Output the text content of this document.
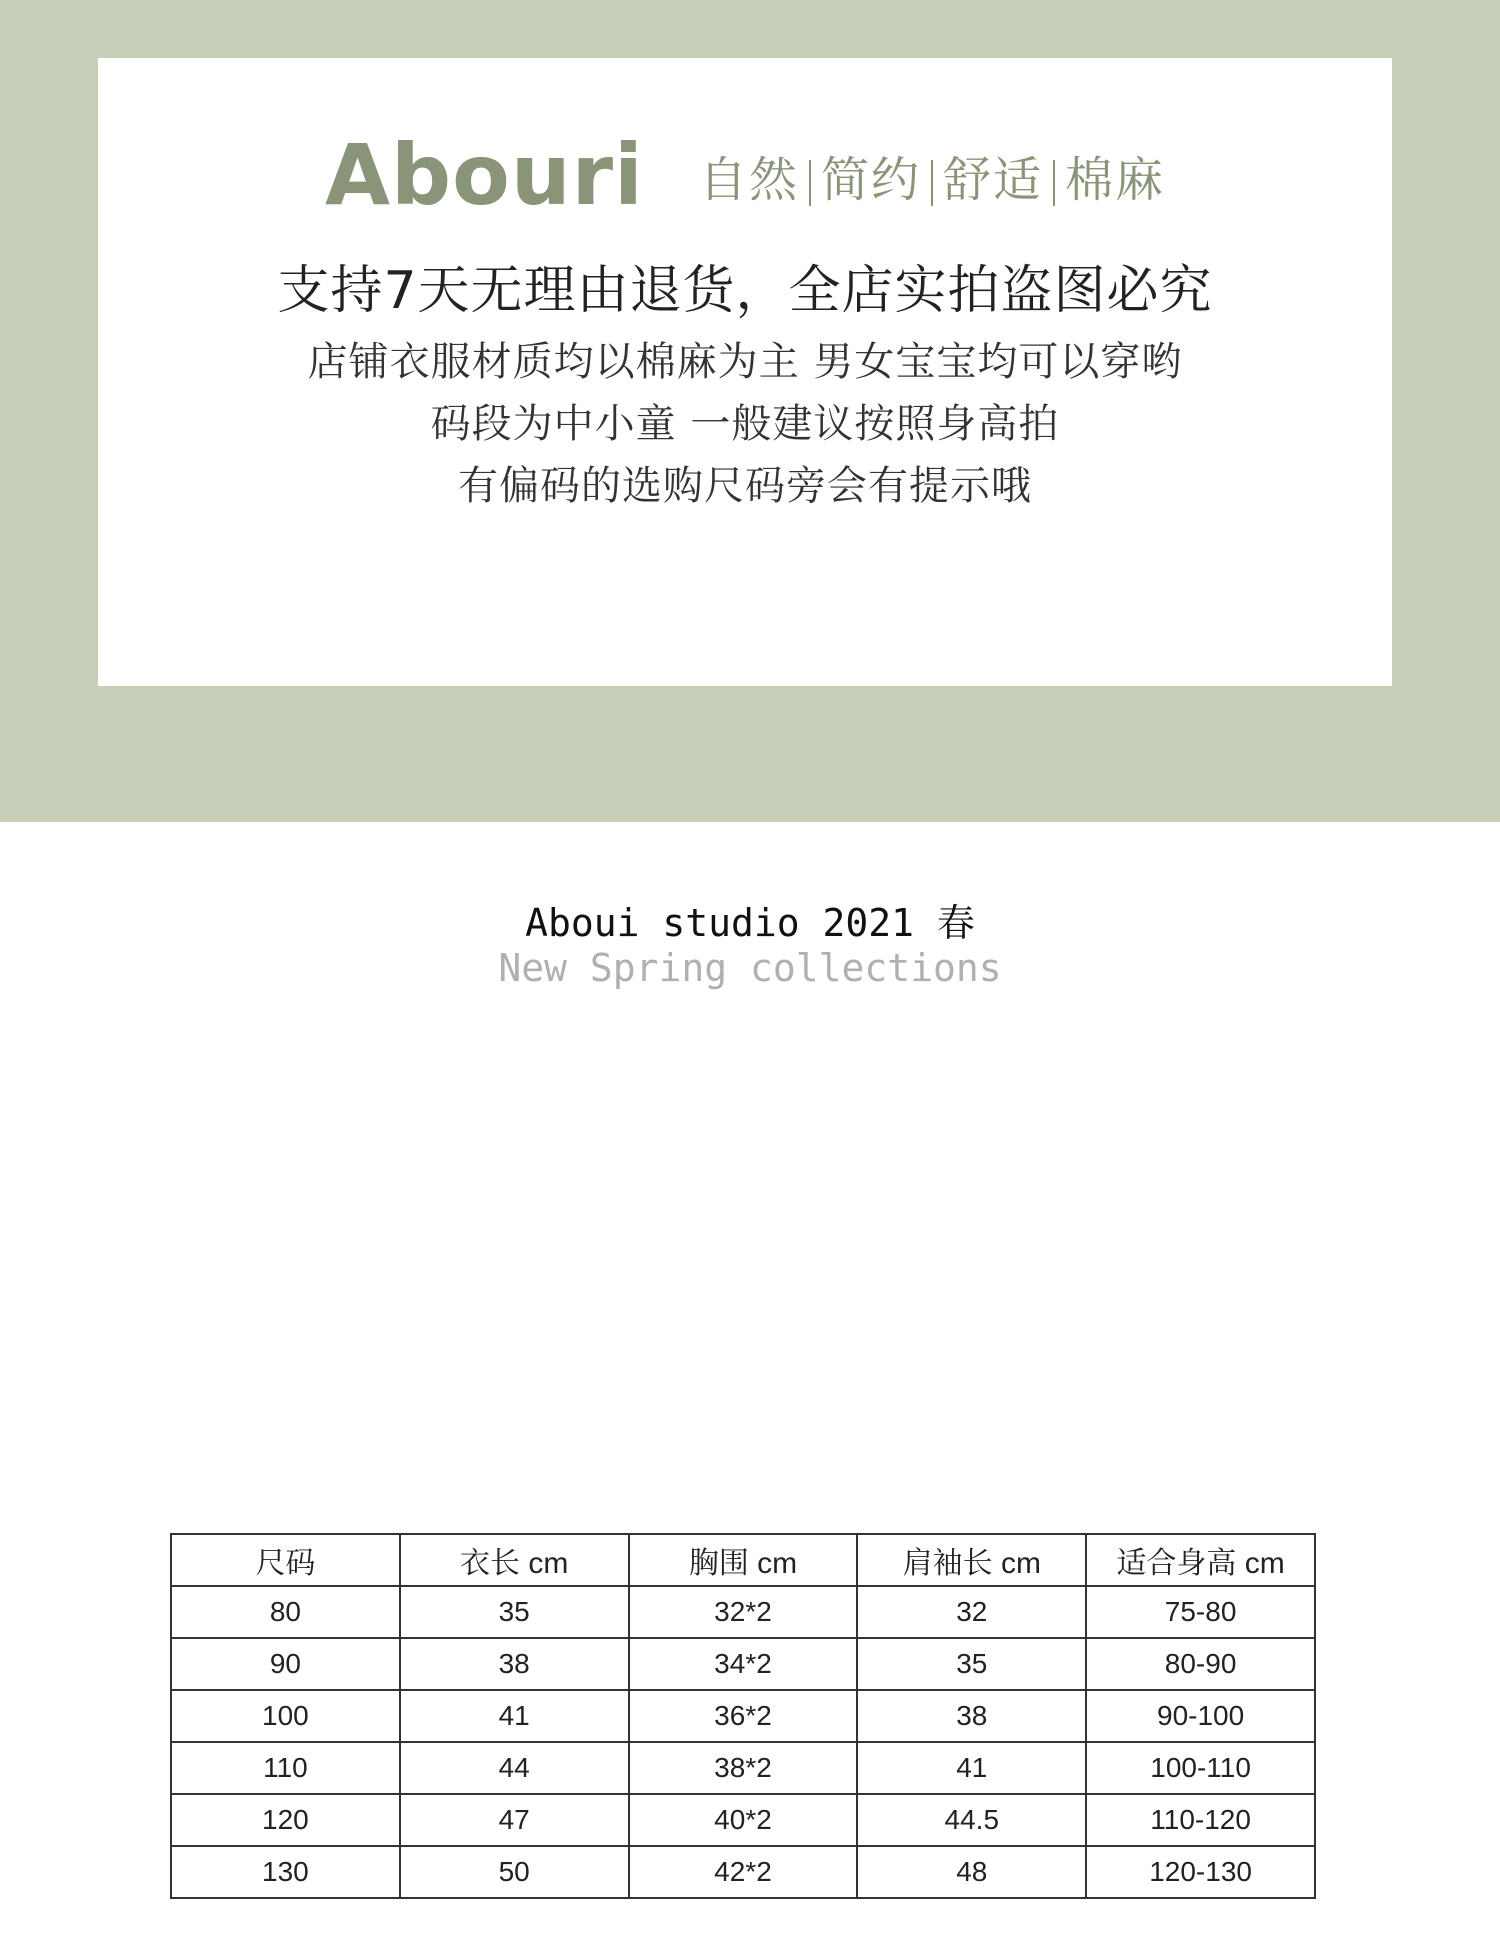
Abouri 自然 简约 舒适 棉麻
支持7天无理由退货，全店实拍盗图必究
店铺衣服材质均以棉麻为主 男女宝宝均可以穿哟
码段为中小童 一般建议按照身高拍
有偏码的选购尺码旁会有提示哦
Aboui studio 2021 春
New Spring collections
尺码	衣长 cm	胸围 cm	肩袖长 cm	适合身高 cm
80	35	32*2	32	75-80
90	38	34*2	35	80-90
100	41	36*2	38	90-100
110	44	38*2	41	100-110
120	47	40*2	44.5	110-120
130	50	42*2	48	120-130
